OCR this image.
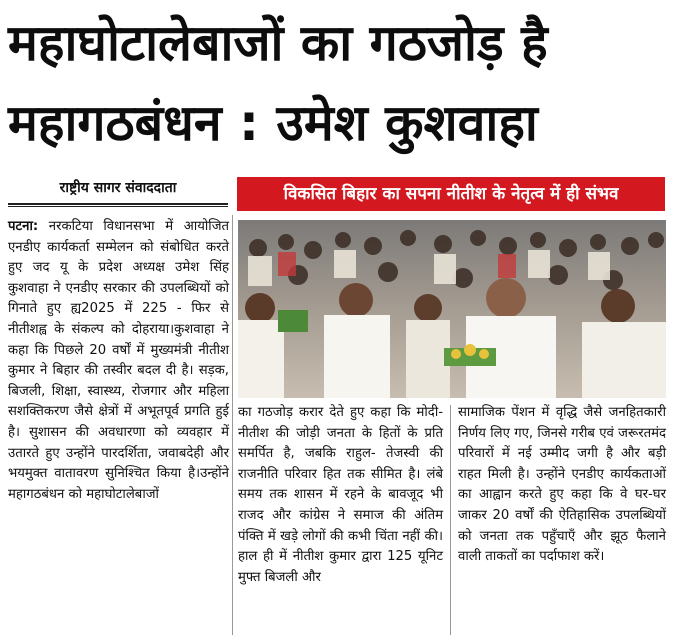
महाघोटालेबाजों का गठजोड़ है
महागठबंधन : उमेश कुशवाहा
राष्ट्रीय सागर संवाददाता	विकसित बिहार का सपना नीतीश के नेतृत्व में ही संभव

पटना: नरकटिया विधानसभा में आयोजित एनडीए कार्यकर्ता सम्मेलन को संबोधित करते हुए जद यू के प्रदेश अध्यक्ष उमेश सिंह कुशवाहा ने एनडीए सरकार की उपलब्धियों को गिनाते हुए ह्य2025 में 225 - फिर से नीतीशह्व के संकल्प को दोहराया।कुशवाहा ने कहा कि पिछले 20 वर्षों में मुख्यमंत्री नीतीश कुमार ने बिहार की तस्वीर बदल दी है। सड़क, बिजली, शिक्षा, स्वास्थ्य, रोजगार और महिला सशक्तिकरण जैसे क्षेत्रों में अभूतपूर्व प्रगति हुई है। सुशासन की अवधारणा को व्यवहार में उतारते हुए उन्होंने पारदर्शिता, जवाबदेही और भयमुक्त वातावरण सुनिश्चित किया है।उन्होंने महागठबंधन को महाघोटालेबाजों

का गठजोड़ करार देते हुए कहा कि मोदी- नीतीश की जोड़ी जनता के हितों के प्रति समर्पित है, जबकि राहुल- तेजस्वी की राजनीति परिवार हित तक सीमित है। लंबे समय तक शासन में रहने के बावजूद भी राजद और कांग्रेस ने समाज की अंतिम पंक्ति में खड़े लोगों की कभी चिंता नहीं की। हाल ही में नीतीश कुमार द्वारा 125 यूनिट मुफ्त बिजली और

सामाजिक पेंशन में वृद्धि जैसे जनहितकारी निर्णय लिए गए, जिनसे गरीब एवं जरूरतमंद परिवारों में नई उम्मीद जगी है और बड़ी राहत मिली है। उन्होंने एनडीए कार्यकताओं का आह्वान करते हुए कहा कि वे घर-घर जाकर 20 वर्षों की ऐतिहासिक उपलब्धियों को जनता तक पहुँचाएँ और झूठ फैलाने वाली ताकतों का पर्दाफाश करें।
